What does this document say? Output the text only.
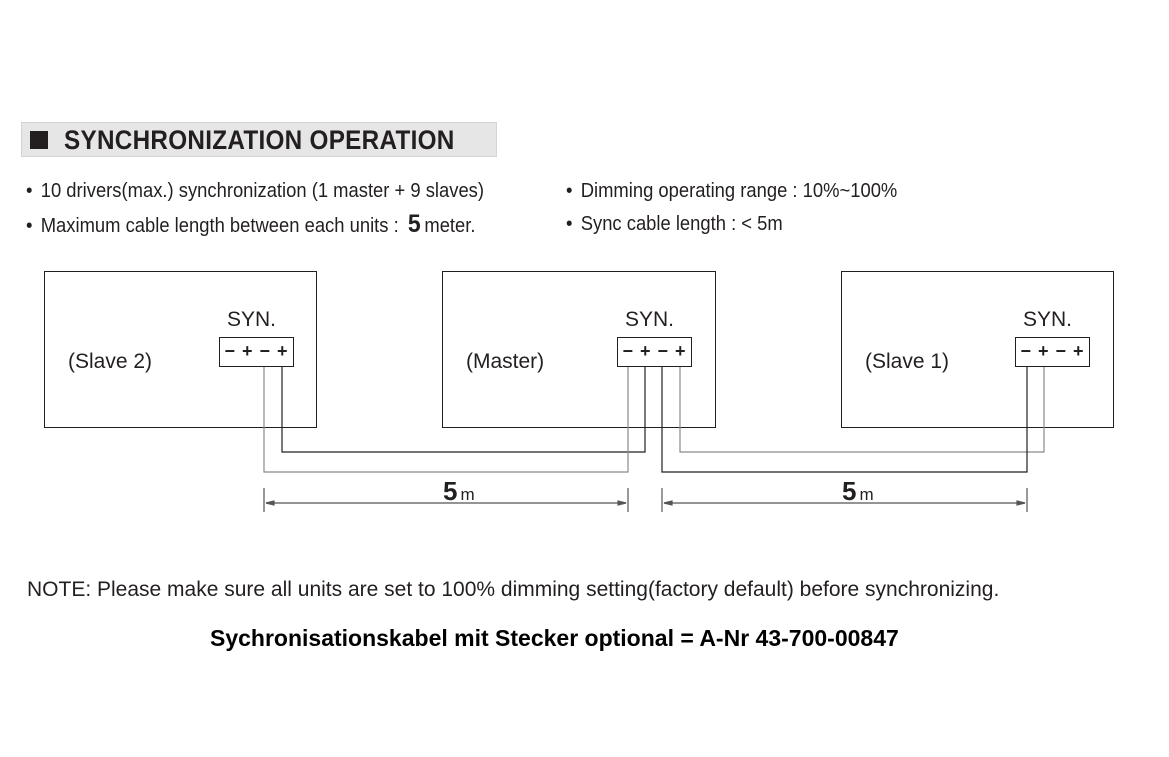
SYNCHRONIZATION OPERATION
• 10 drivers(max.) synchronization (1 master + 9 slaves)
• Maximum cable length between each units : 5 meter.
• Dimming operating range : 10%~100%
• Sync cable length : < 5m
(Slave 2)
SYN.
− + − +	(Master)
SYN.
− + − +	(Slave 1)
SYN.
− + − +
5 m	5 m
NOTE: Please make sure all units are set to 100% dimming setting(factory default) before synchronizing.
Sychronisationskabel mit Stecker optional = A-Nr 43-700-00847
